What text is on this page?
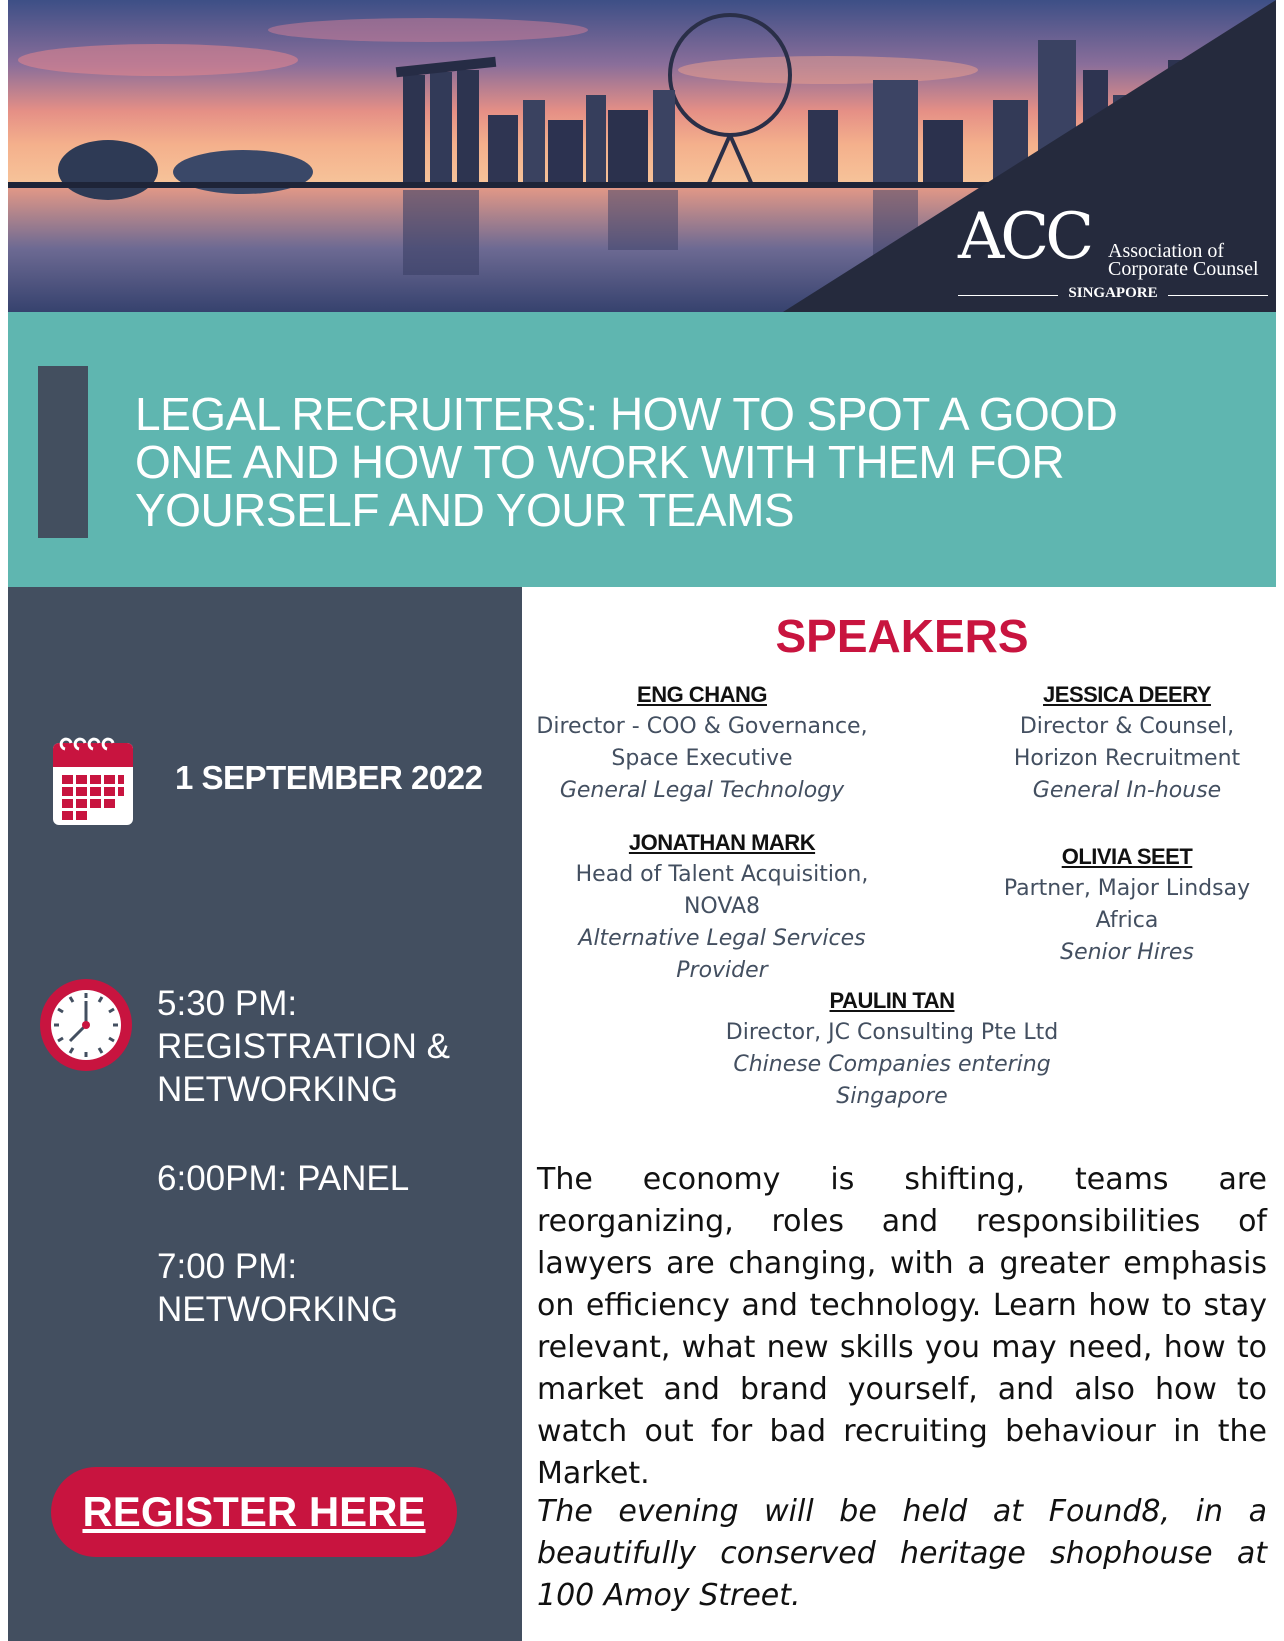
ACC Association of
Corporate Counsel
SINGAPORE
LEGAL RECRUITERS: HOW TO SPOT A GOOD ONE AND HOW TO WORK WITH THEM FOR YOURSELF AND YOUR TEAMS
1 SEPTEMBER 2022
5:30 PM: REGISTRATION & NETWORKING
6:00PM: PANEL
7:00 PM: NETWORKING
REGISTER HERE
SPEAKERS
ENG CHANG
Director - COO & Governance, Space Executive
General Legal Technology
JESSICA DEERY
Director & Counsel, Horizon Recruitment
General In-house
JONATHAN MARK
Head of Talent Acquisition, NOVA8
Alternative Legal Services Provider
OLIVIA SEET
Partner, Major Lindsay Africa
Senior Hires
PAULIN TAN
Director, JC Consulting Pte Ltd
Chinese Companies entering Singapore
The economy is shifting, teams are reorganizing, roles and responsibilities of lawyers are changing, with a greater emphasis on efficiency and technology. Learn how to stay relevant, what new skills you may need, how to market and brand yourself, and also how to watch out for bad recruiting behaviour in the Market.
The evening will be held at Found8, in a beautifully conserved heritage shophouse at 100 Amoy Street.
